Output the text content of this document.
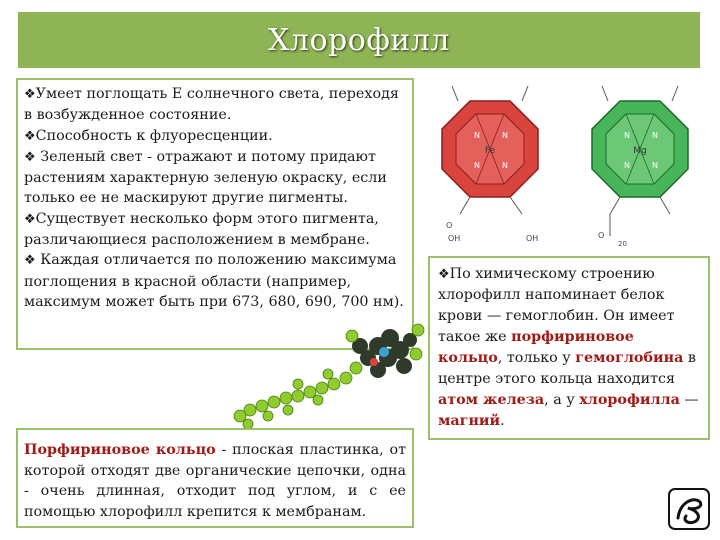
Хлорофилл
Fe
N	N
N	N
O
OH	OH
Mg
N	N
N	N
O
20

❖Умеет поглощать Е солнечного света, переходя в возбужденное состояние.

❖Способность к флуоресценции.

❖ Зеленый свет - отражают и потому придают растениям характерную зеленую окраску, если только ее не маскируют другие пигменты.

❖Существует несколько форм этого пигмента, различающиеся расположением в мембране.

❖ Каждая отличается по положению максимума поглощения в красной области (например, максимум может быть при 673, 680, 690, 700 нм).

Порфириновое кольцо - плоская пластинка, от которой отходят две органические цепочки, одна - очень длинная, отходит под углом, и с ее помощью хлорофилл крепится к мембранам.

❖По химическому строению хлорофилл напоминает белок крови — гемоглобин. Он имеет такое же порфириновое кольцо, только у гемоглобина в центре этого кольца находится атом железа, а у хлорофилла — магний.
